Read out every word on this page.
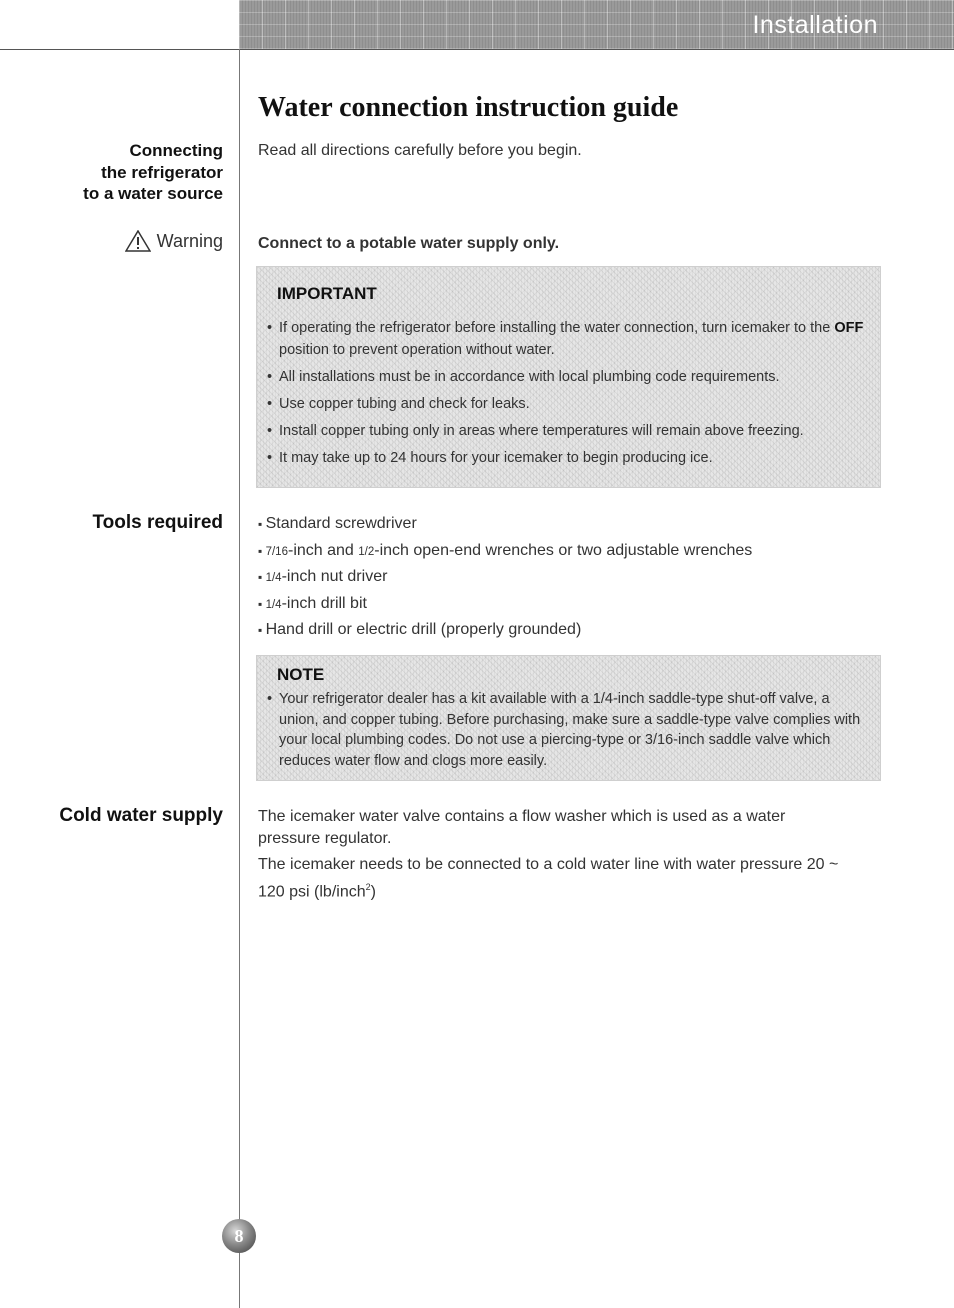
Installation
Connecting
the refrigerator
to a water source
Warning
Tools required
Cold water supply
Water connection instruction guide
Read all directions carefully before you begin.
Connect to a potable water supply only.
IMPORTANT
• If operating the refrigerator before installing the water connection, turn icemaker to the OFF position to prevent operation without water.
• All installations must be in accordance with local plumbing code requirements.
• Use copper tubing and check for leaks.
• Install copper tubing only in areas where temperatures will remain above freezing.
• It may take up to 24 hours for your icemaker to begin producing ice.
▪ Standard screwdriver
▪ 7/16-inch and 1/2-inch open-end wrenches or two adjustable wrenches
▪ 1/4-inch nut driver
▪ 1/4-inch drill bit
▪ Hand drill or electric drill (properly grounded)
NOTE
• Your refrigerator dealer has a kit available with a 1/4-inch saddle-type shut-off valve, a union, and copper tubing. Before purchasing, make sure a saddle-type valve complies with your local plumbing codes. Do not use a piercing-type or 3/16-inch saddle valve which reduces water flow and clogs more easily.

The icemaker water valve contains a flow washer which is used as a water pressure regulator.

The icemaker needs to be connected to a cold water line with water pressure 20 ~ 120 psi (lb/inch$^2$)

8
